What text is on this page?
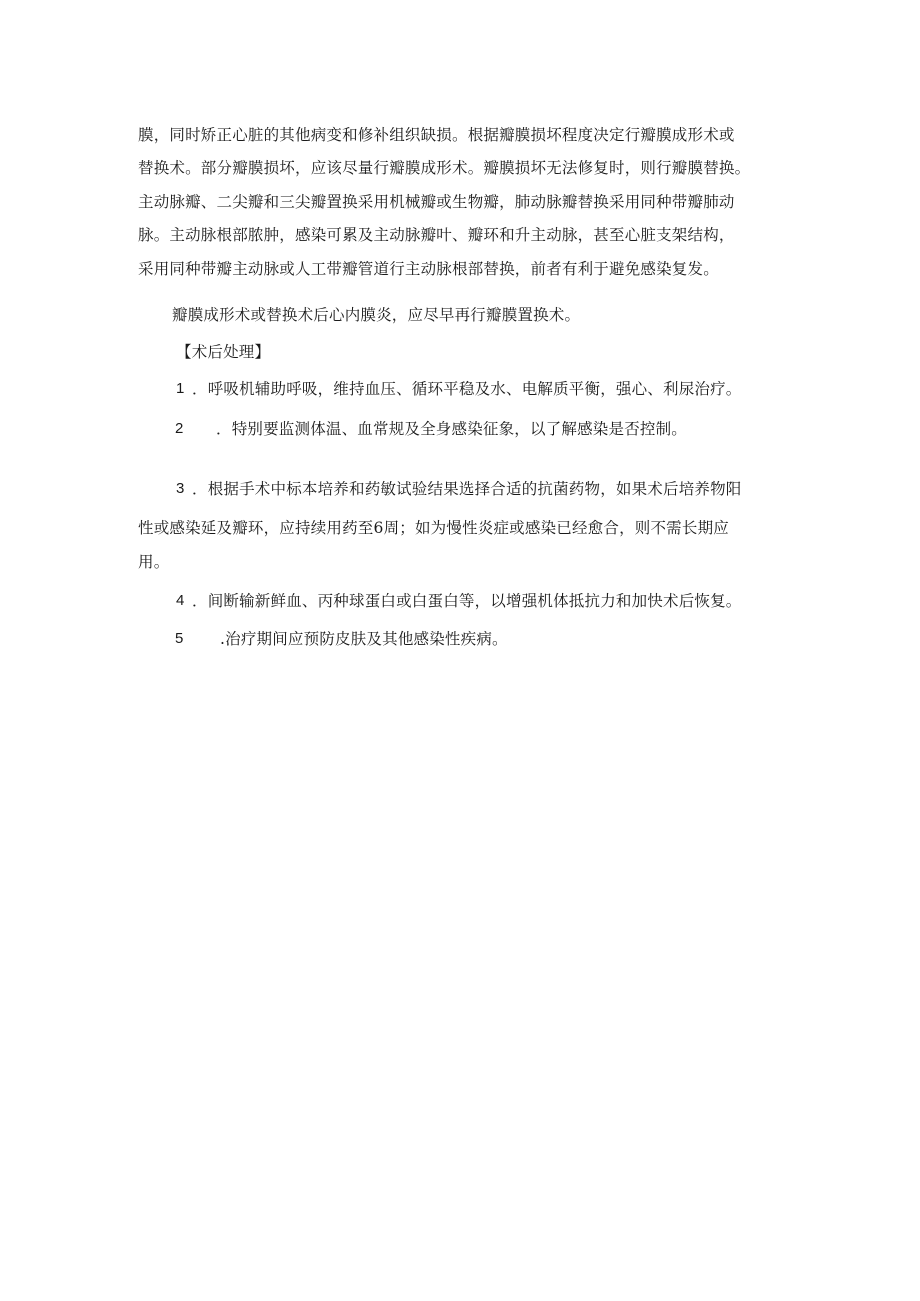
膜，同时矫正心脏的其他病变和修补组织缺损。根据瓣膜损坏程度决定行瓣膜成形术或
替换术。部分瓣膜损坏，应该尽量行瓣膜成形术。瓣膜损坏无法修复时，则行瓣膜替换。
主动脉瓣、二尖瓣和三尖瓣置换采用机械瓣或生物瓣，肺动脉瓣替换采用同种带瓣肺动
脉。主动脉根部脓肿，感染可累及主动脉瓣叶、瓣环和升主动脉，甚至心脏支架结构，
采用同种带瓣主动脉或人工带瓣管道行主动脉根部替换，前者有利于避免感染复发。
瓣膜成形术或替换术后心内膜炎，应尽早再行瓣膜置换术。
【术后处理】
1 ．呼吸机辅助呼吸，维持血压、循环平稳及水、电解质平衡，强心、利尿治疗。
2 ．特别要监测体温、血常规及全身感染征象，以了解感染是否控制。
3 ．根据手术中标本培养和药敏试验结果选择合适的抗菌药物，如果术后培养物阳
性或感染延及瓣环，应持续用药至6周；如为慢性炎症或感染已经愈合，则不需长期应
用。
4 ．间断输新鲜血、丙种球蛋白或白蛋白等，以增强机体抵抗力和加快术后恢复。
5 .治疗期间应预防皮肤及其他感染性疾病。
